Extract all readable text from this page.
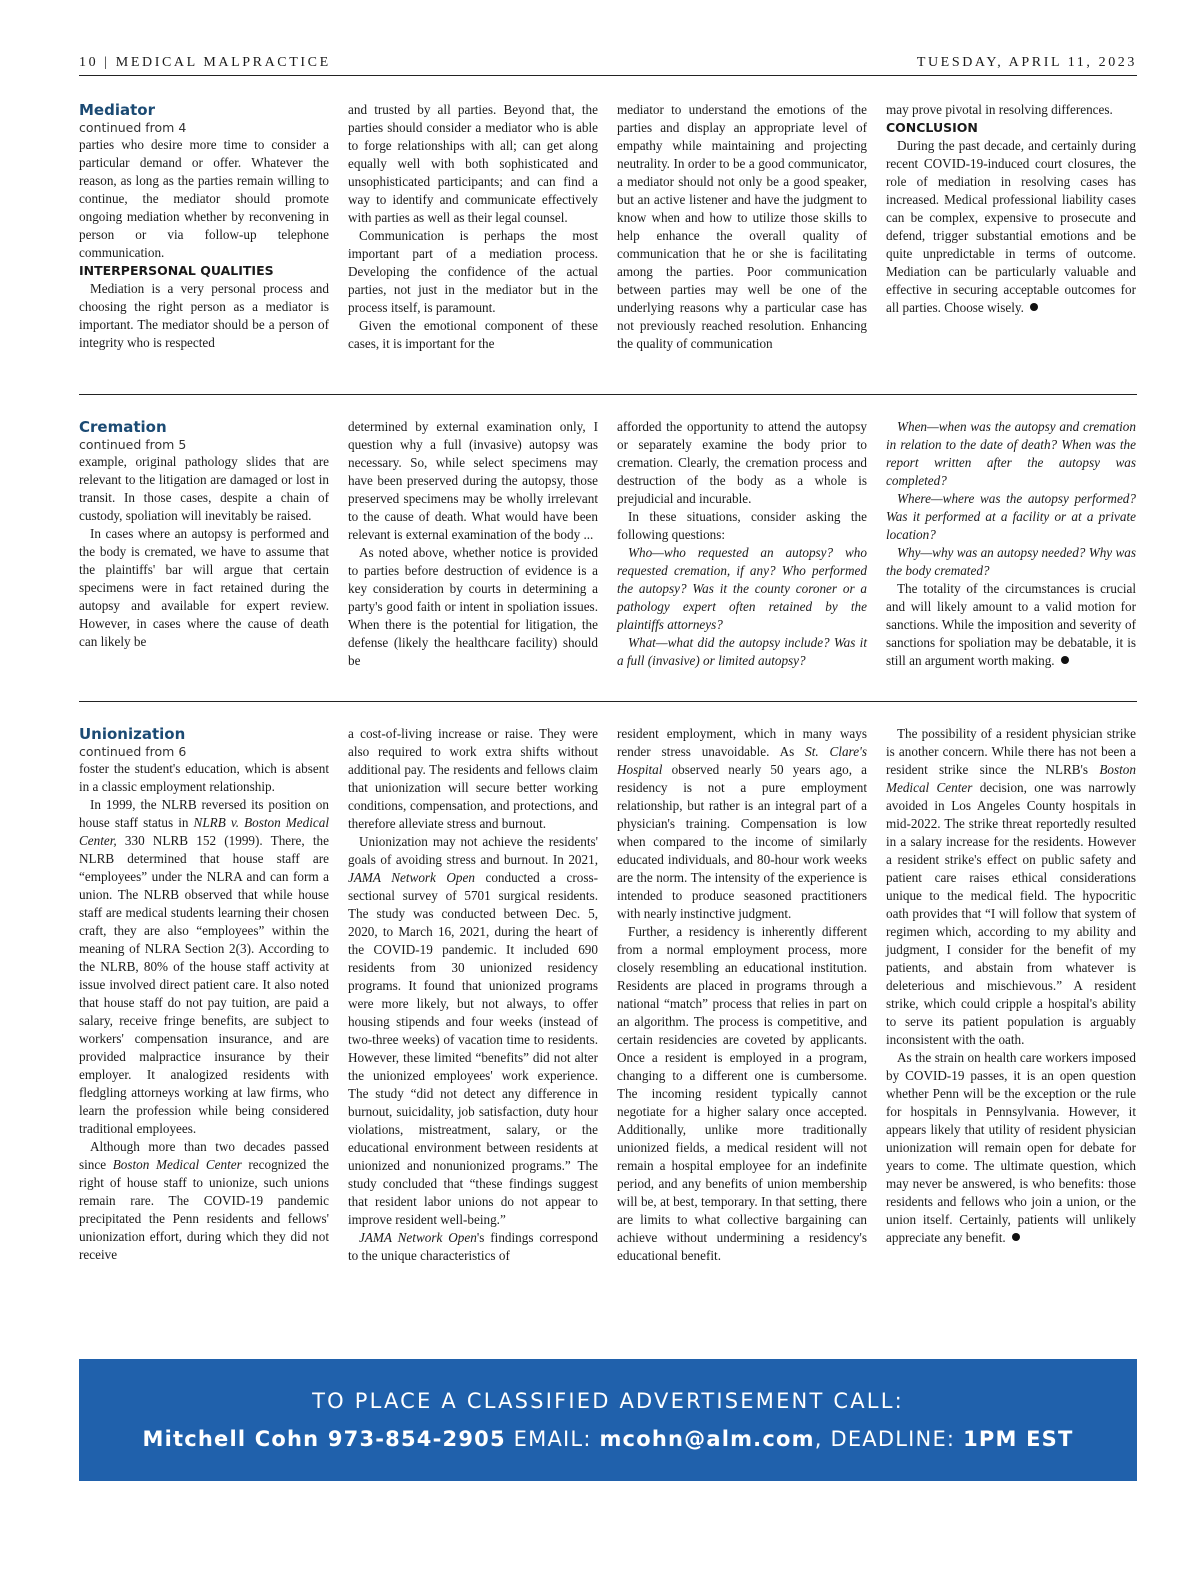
10 | MEDICAL MALPRACTICE	TUESDAY, APRIL 11, 2023

Mediator

continued from 4

parties who desire more time to consider a particular demand or offer. Whatever the reason, as long as the parties remain willing to continue, the mediator should promote ongoing mediation whether by reconvening in person or via follow-up telephone communication.

INTERPERSONAL QUALITIES

Mediation is a very personal process and choosing the right person as a mediator is important. The mediator should be a person of integrity who is respected

and trusted by all parties. Beyond that, the parties should consider a mediator who is able to forge relationships with all; can get along equally well with both sophisticated and unsophisticated participants; and can find a way to identify and communicate effectively with parties as well as their legal counsel.

Communication is perhaps the most important part of a mediation process. Developing the confidence of the actual parties, not just in the mediator but in the process itself, is paramount.

Given the emotional component of these cases, it is important for the

mediator to understand the emotions of the parties and display an appropriate level of empathy while maintaining and projecting neutrality. In order to be a good communicator, a mediator should not only be a good speaker, but an active listener and have the judgment to know when and how to utilize those skills to help enhance the overall quality of communication that he or she is facilitating among the parties. Poor communication between parties may well be one of the underlying reasons why a particular case has not previously reached resolution. Enhancing the quality of communication

may prove pivotal in resolving differences.

CONCLUSION

During the past decade, and certainly during recent COVID-19-induced court closures, the role of mediation in resolving cases has increased. Medical professional liability cases can be complex, expensive to prosecute and defend, trigger substantial emotions and be quite unpredictable in terms of outcome. Mediation can be particularly valuable and effective in securing acceptable outcomes for all parties. Choose wisely.

Cremation

continued from 5

example, original pathology slides that are relevant to the litigation are damaged or lost in transit. In those cases, despite a chain of custody, spoliation will inevitably be raised.

In cases where an autopsy is performed and the body is cremated, we have to assume that the plaintiffs' bar will argue that certain specimens were in fact retained during the autopsy and available for expert review. However, in cases where the cause of death can likely be

determined by external examination only, I question why a full (invasive) autopsy was necessary. So, while select specimens may have been preserved during the autopsy, those preserved specimens may be wholly irrelevant to the cause of death. What would have been relevant is external examination of the body ...

As noted above, whether notice is provided to parties before destruction of evidence is a key consideration by courts in determining a party's good faith or intent in spoliation issues. When there is the potential for litigation, the defense (likely the healthcare facility) should be

afforded the opportunity to attend the autopsy or separately examine the body prior to cremation. Clearly, the cremation process and destruction of the body as a whole is prejudicial and incurable.

In these situations, consider asking the following questions:

Who—who requested an autopsy? who requested cremation, if any? Who performed the autopsy? Was it the county coroner or a pathology expert often retained by the plaintiffs attorneys?

What—what did the autopsy include? Was it a full (invasive) or limited autopsy?

When—when was the autopsy and cremation in relation to the date of death? When was the report written after the autopsy was completed?

Where—where was the autopsy performed? Was it performed at a facility or at a private location?

Why—why was an autopsy needed? Why was the body cremated?

The totality of the circumstances is crucial and will likely amount to a valid motion for sanctions. While the imposition and severity of sanctions for spoliation may be debatable, it is still an argument worth making.

Unionization

continued from 6

foster the student's education, which is absent in a classic employment relationship.

In 1999, the NLRB reversed its position on house staff status in NLRB v. Boston Medical Center, 330 NLRB 152 (1999). There, the NLRB determined that house staff are “employees” under the NLRA and can form a union. The NLRB observed that while house staff are medical students learning their chosen craft, they are also “employees” within the meaning of NLRA Section 2(3). According to the NLRB, 80% of the house staff activity at issue involved direct patient care. It also noted that house staff do not pay tuition, are paid a salary, receive fringe benefits, are subject to workers' compensation insurance, and are provided malpractice insurance by their employer. It analogized residents with fledgling attorneys working at law firms, who learn the profession while being considered traditional employees.

Although more than two decades passed since Boston Medical Center recognized the right of house staff to unionize, such unions remain rare. The COVID-19 pandemic precipitated the Penn residents and fellows' unionization effort, during which they did not receive

a cost-of-living increase or raise. They were also required to work extra shifts without additional pay. The residents and fellows claim that unionization will secure better working conditions, compensation, and protections, and therefore alleviate stress and burnout.

Unionization may not achieve the residents' goals of avoiding stress and burnout. In 2021, JAMA Network Open conducted a cross-sectional survey of 5701 surgical residents. The study was conducted between Dec. 5, 2020, to March 16, 2021, during the heart of the COVID-19 pandemic. It included 690 residents from 30 unionized residency programs. It found that unionized programs were more likely, but not always, to offer housing stipends and four weeks (instead of two-three weeks) of vacation time to residents. However, these limited “benefits” did not alter the unionized employees' work experience. The study “did not detect any difference in burnout, suicidality, job satisfaction, duty hour violations, mistreatment, salary, or the educational environment between residents at unionized and nonunionized programs.” The study concluded that “these findings suggest that resident labor unions do not appear to improve resident well-being.”

JAMA Network Open's findings correspond to the unique characteristics of

resident employment, which in many ways render stress unavoidable. As St. Clare's Hospital observed nearly 50 years ago, a residency is not a pure employment relationship, but rather is an integral part of a physician's training. Compensation is low when compared to the income of similarly educated individuals, and 80-hour work weeks are the norm. The intensity of the experience is intended to produce seasoned practitioners with nearly instinctive judgment.

Further, a residency is inherently different from a normal employment process, more closely resembling an educational institution. Residents are placed in programs through a national “match” process that relies in part on an algorithm. The process is competitive, and certain residencies are coveted by applicants. Once a resident is employed in a program, changing to a different one is cumbersome. The incoming resident typically cannot negotiate for a higher salary once accepted. Additionally, unlike more traditionally unionized fields, a medical resident will not remain a hospital employee for an indefinite period, and any benefits of union membership will be, at best, temporary. In that setting, there are limits to what collective bargaining can achieve without undermining a residency's educational benefit.

The possibility of a resident physician strike is another concern. While there has not been a resident strike since the NLRB's Boston Medical Center decision, one was narrowly avoided in Los Angeles County hospitals in mid-2022. The strike threat reportedly resulted in a salary increase for the residents. However a resident strike's effect on public safety and patient care raises ethical considerations unique to the medical field. The hypocritic oath provides that “I will follow that system of regimen which, according to my ability and judgment, I consider for the benefit of my patients, and abstain from whatever is deleterious and mischievous.” A resident strike, which could cripple a hospital's ability to serve its patient population is arguably inconsistent with the oath.

As the strain on health care workers imposed by COVID-19 passes, it is an open question whether Penn will be the exception or the rule for hospitals in Pennsylvania. However, it appears likely that utility of resident physician unionization will remain open for debate for years to come. The ultimate question, which may never be answered, is who benefits: those residents and fellows who join a union, or the union itself. Certainly, patients will unlikely appreciate any benefit.

TO PLACE A CLASSIFIED ADVERTISEMENT CALL:
Mitchell Cohn 973-854-2905 EMAIL: mcohn@alm.com, DEADLINE: 1PM EST
